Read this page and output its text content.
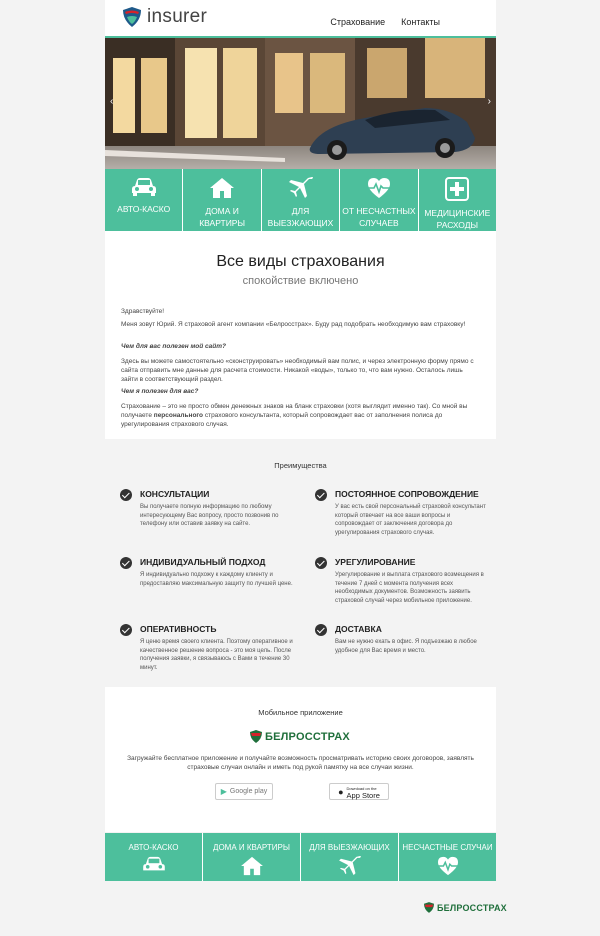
insurer	Страхование Контакты
‹	›
АВТО-КАСКО	ДОМА И КВАРТИРЫ
ДЛЯ ВЫЕЗЖАЮЩИХ
ОТ НЕСЧАСТНЫХ СЛУЧАЕВ
МЕДИЦИНСКИЕ РАСХОДЫ
Все виды страхования
спокойствие включено

Здравствуйте!

Меня зовут Юрий. Я страховой агент компании «Белросстрах». Буду рад подобрать необходимую вам страховку!

Чем для вас полезен мой сайт?

Здесь вы можете самостоятельно «сконструировать» необходимый вам полис, и через электронную форму прямо с сайта отправить мне данные для расчета стоимости. Никакой «воды», только то, что вам нужно. Осталось лишь зайти в соответствующий раздел.

Чем я полезен для вас?

Страхование – это не просто обмен денежных знаков на бланк страховки (хотя выглядит именно так). Со мной вы получаете персонального страхового консультанта, который сопровождает вас от заполнения полиса до урегулирования страхового случая.

Преимущества
КОНСУЛЬТАЦИИ
Вы получаете полную информацию по любому интересующему Вас вопросу, просто позвонив по телефону или оставив заявку на сайте.
ПОСТОЯННОЕ СОПРОВОЖДЕНИЕ
У вас есть свой персональный страховой консультант который отвечает на все ваши вопросы и сопровождает от заключения договора до урегулирования страхового случая.
ИНДИВИДУАЛЬНЫЙ ПОДХОД
Я индивидуально подхожу к каждому клиенту и предоставляю максимальную защиту по лучшей цене.
УРЕГУЛИРОВАНИЕ
Урегулирование и выплата страхового возмещения в течение 7 дней с момента получения всех необходимых документов. Возможность заявить страховой случай через мобильное приложение.
ОПЕРАТИВНОСТЬ
Я ценю время своего клиента. Поэтому оперативное и качественное решение вопроса - это моя цель. После получения заявки, я связываюсь с Вами в течение 30 минут.
ДОСТАВКА
Вам не нужно ехать в офис. Я подъезжаю в любое удобное для Вас время и место.
Мобильное приложение
БЕЛРОССТРАХ
Загружайте бесплатное приложение и получайте возможность просматривать историю своих договоров, заявлять страховые случаи онлайн и иметь под рукой памятку на все случаи жизни.
▶ Google play	● Download on the
App Store
АВТО-КАСКО	ДОМА И КВАРТИРЫ ДЛЯ ВЫЕЗЖАЮЩИХ НЕСЧАСТНЫЕ СЛУЧАИ
БЕЛРОССТРАХ
